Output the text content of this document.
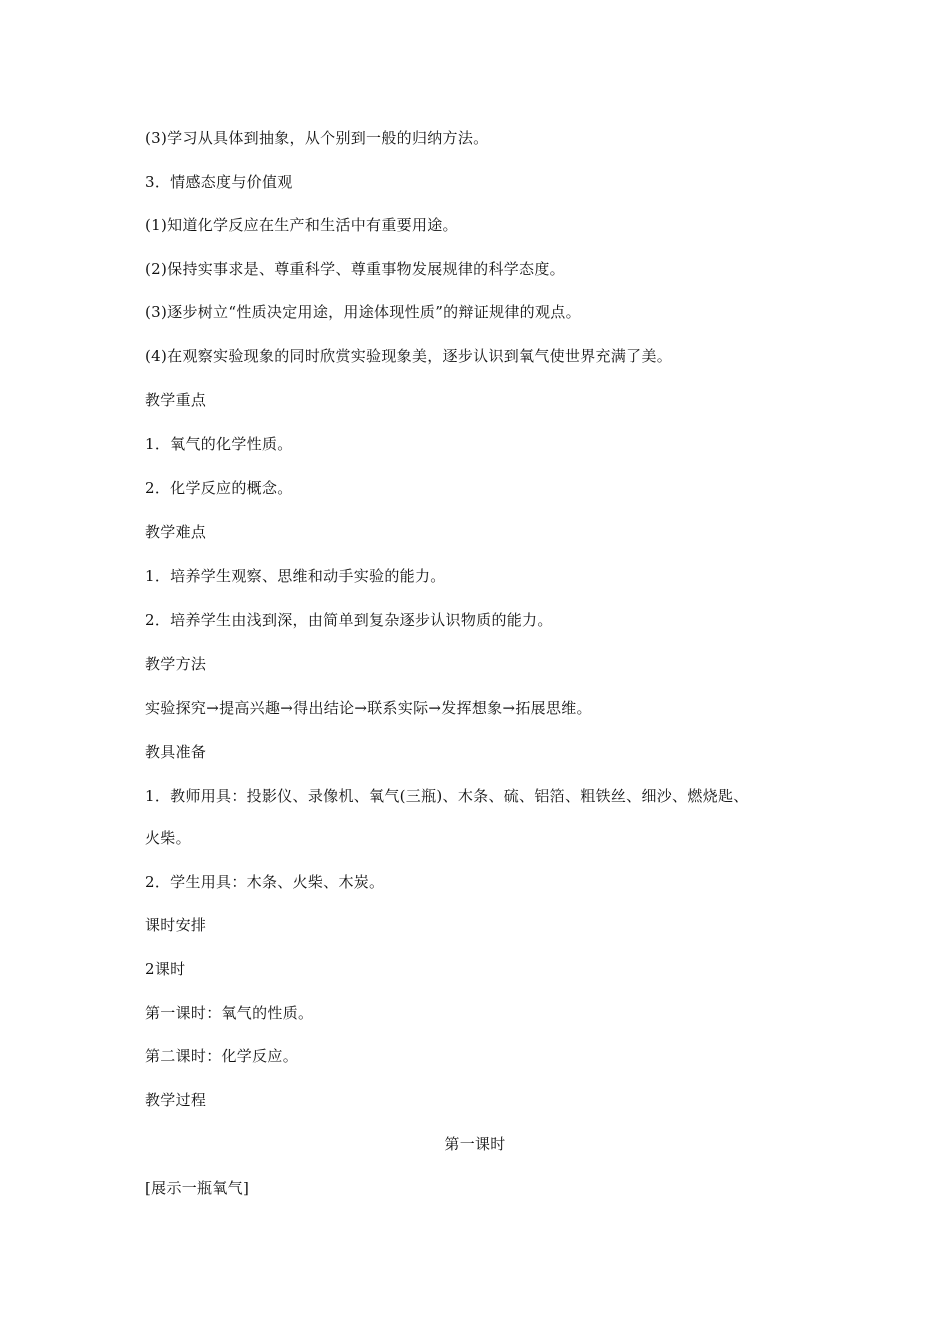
(3)学习从具体到抽象，从个别到一般的归纳方法。
3．情感态度与价值观
(1)知道化学反应在生产和生活中有重要用途。
(2)保持实事求是、尊重科学、尊重事物发展规律的科学态度。
(3)逐步树立“性质决定用途，用途体现性质”的辩证规律的观点。
(4)在观察实验现象的同时欣赏实验现象美，逐步认识到氧气使世界充满了美。
教学重点
1．氧气的化学性质。
2．化学反应的概念。
教学难点
1．培养学生观察、思维和动手实验的能力。
2．培养学生由浅到深，由简单到复杂逐步认识物质的能力。
教学方法
实验探究→提高兴趣→得出结论→联系实际→发挥想象→拓展思维。
教具准备
1．教师用具：投影仪、录像机、氧气(三瓶)、木条、硫、铝箔、粗铁丝、细沙、燃烧匙、
火柴。
2．学生用具：木条、火柴、木炭。
课时安排
2课时
第一课时：氧气的性质。
第二课时：化学反应。
教学过程
第一课时
[展示一瓶氧气]
